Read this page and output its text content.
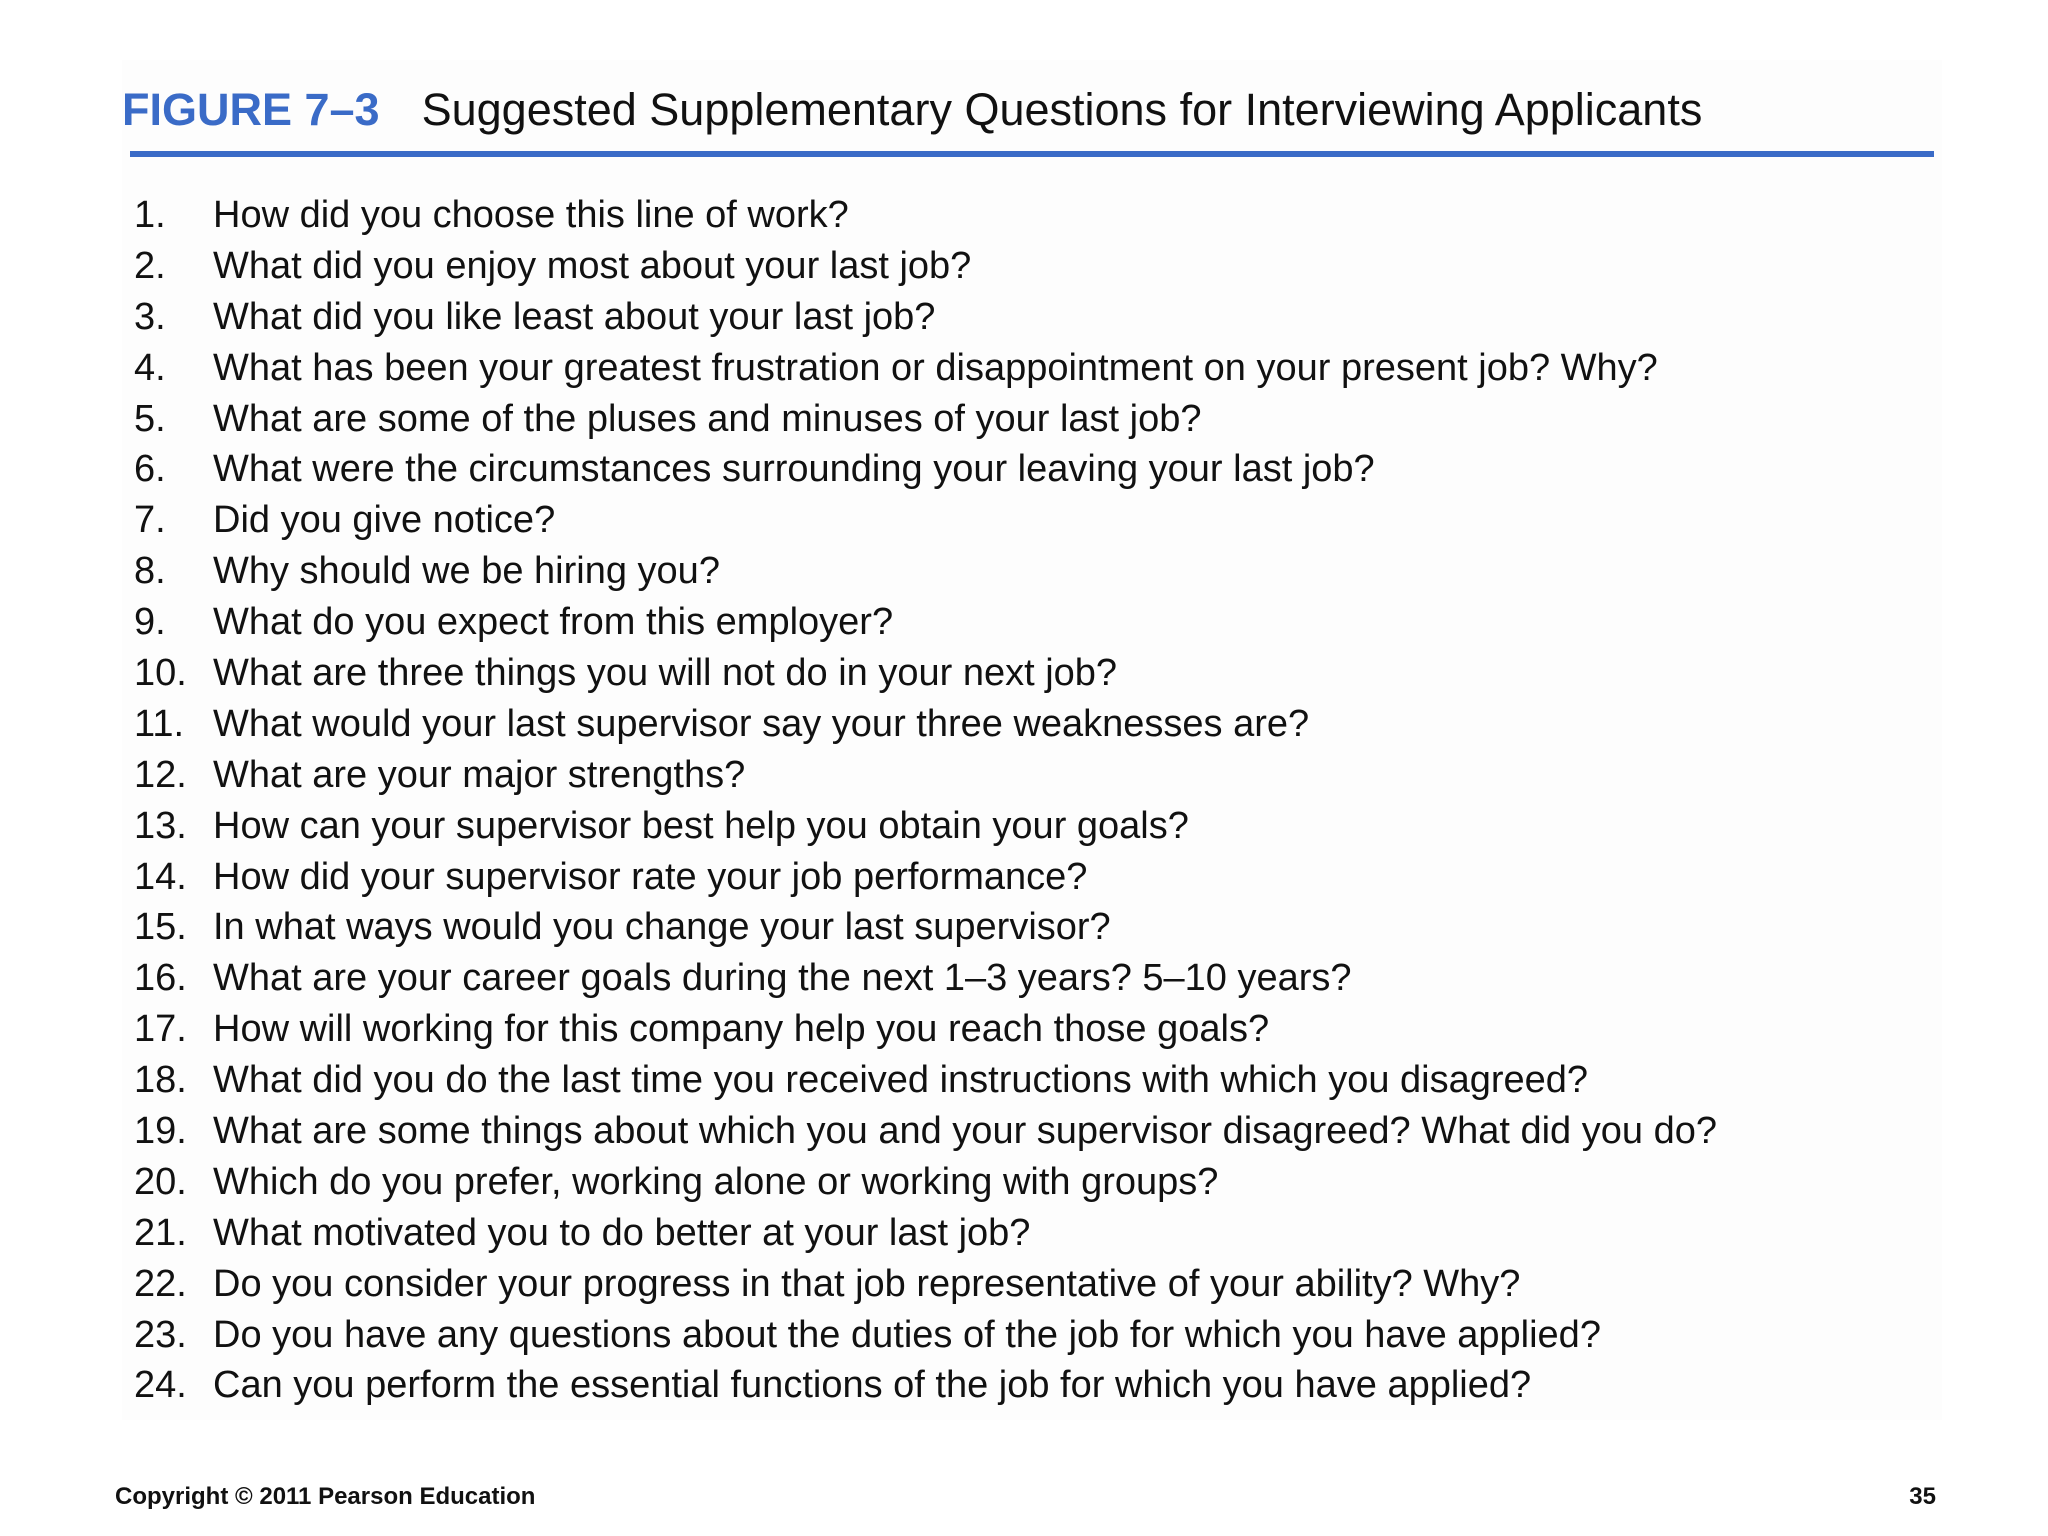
FIGURE 7–3 Suggested Supplementary Questions for Interviewing Applicants
1.	How did you choose this line of work?
2.	What did you enjoy most about your last job?
3.	What did you like least about your last job?
4.	What has been your greatest frustration or disappointment on your present job? Why?
5.	What are some of the pluses and minuses of your last job?
6.	What were the circumstances surrounding your leaving your last job?
7.	Did you give notice?
8.	Why should we be hiring you?
9.	What do you expect from this employer?
10. What are three things you will not do in your next job?
11. What would your last supervisor say your three weaknesses are?
12. What are your major strengths?
13. How can your supervisor best help you obtain your goals?
14. How did your supervisor rate your job performance?
15. In what ways would you change your last supervisor?
16. What are your career goals during the next 1–3 years? 5–10 years?
17. How will working for this company help you reach those goals?
18. What did you do the last time you received instructions with which you disagreed?
19. What are some things about which you and your supervisor disagreed? What did you do?
20. Which do you prefer, working alone or working with groups?
21. What motivated you to do better at your last job?
22. Do you consider your progress in that job representative of your ability? Why?
23. Do you have any questions about the duties of the job for which you have applied?
24. Can you perform the essential functions of the job for which you have applied?
Copyright © 2011 Pearson Education	35
